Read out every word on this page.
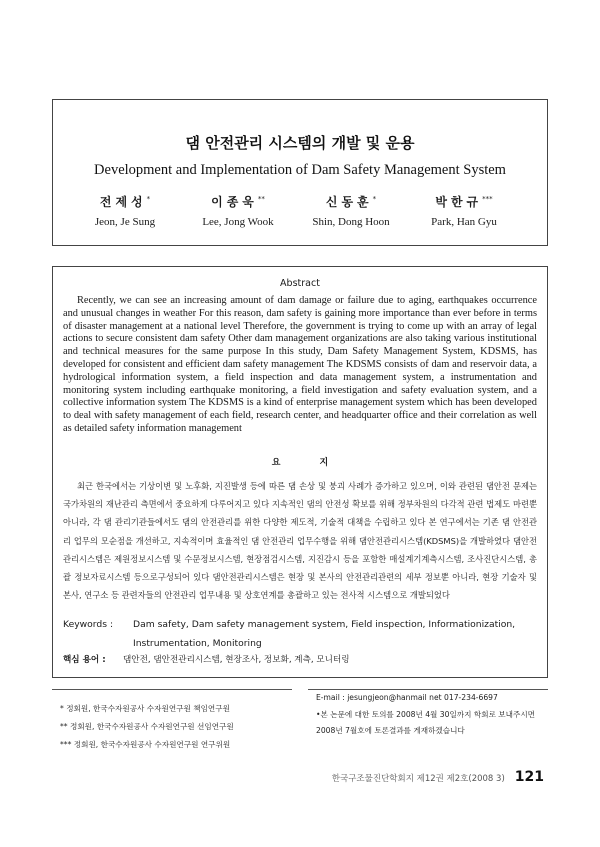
댐 안전관리 시스템의 개발 및 운용
Development and Implementation of Dam Safety Management System
전제성*
Jeon, Je Sung
이종욱**
Lee, Jong Wook
신동훈*
Shin, Dong Hoon
박한규***
Park, Han Gyu
Abstract
Recently, we can see an increasing amount of dam damage or failure due to aging, earthquakes occurrence and unusual changes in weather For this reason, dam safety is gaining more importance than ever before in terms of disaster management at a national level Therefore, the government is trying to come up with an array of legal actions to secure consistent dam safety Other dam management organizations are also taking various institutional and technical measures for the same purpose In this study, Dam Safety Management System, KDSMS, has developed for consistent and efficient dam safety management The KDSMS consists of dam and reservoir data, a hydrological information system, a field inspection and data management system, a instrumentation and monitoring system including earthquake monitoring, a field investigation and safety evaluation system, and a collective information system The KDSMS is a kind of enterprise management system which has been developed to deal with safety management of each field, research center, and headquarter office and their correlation as well as detailed safety information management
요 지
최근 한국에서는 기상이변 및 노후화, 지진발생 등에 따른 댐 손상 및 붕괴 사례가 증가하고 있으며, 이와 관련된 댐안전 문제는 국가차원의 재난관리 측면에서 중요하게 다루어지고 있다 지속적인 댐의 안전성 확보를 위해 정부차원의 다각적 관련 법제도 마련뿐 아니라, 각 댐 관리기관들에서도 댐의 안전관리를 위한 다양한 제도적, 기술적 대책을 수립하고 있다 본 연구에서는 기존 댐 안전관리 업무의 모순점을 개선하고, 지속적이며 효율적인 댐 안전관리 업무수행을 위해 댐안전관리시스템(KDSMS)을 개발하였다 댐안전관리시스템은 제원정보시스템 및 수문정보시스템, 현장점검시스템, 지진감시 등을 포함한 매설계기계측시스템, 조사진단시스템, 총괄 정보자료시스템 등으로구성되어 있다 댐안전관리시스템은 현장 및 본사의 안전관리관련의 세부 정보뿐 아니라, 현장 기술자 및 본사, 연구소 등 관련자들의 안전관리 업무내용 및 상호연계를 총괄하고 있는 전사적 시스템으로 개발되었다
Keywords : Dam safety, Dam safety management system, Field inspection, Informationization, Instrumentation, Monitoring
핵심 용어 : 댐안전, 댐안전관리시스템, 현장조사, 정보화, 계측, 모니터링
* 정회원, 한국수자원공사 수자원연구원 책임연구원
** 정회원, 한국수자원공사 수자원연구원 선임연구원
*** 정회원, 한국수자원공사 수자원연구원 연구위원
E-mail : jesungjeon@hanmail net 017-234-6697
•본 논문에 대한 토의를 2008년 4월 30일까지 학회로 보내주시면 2008년 7월호에 토론결과를 게재하겠습니다
한국구조물진단학회지 제12권 제2호(2008 3) 121
